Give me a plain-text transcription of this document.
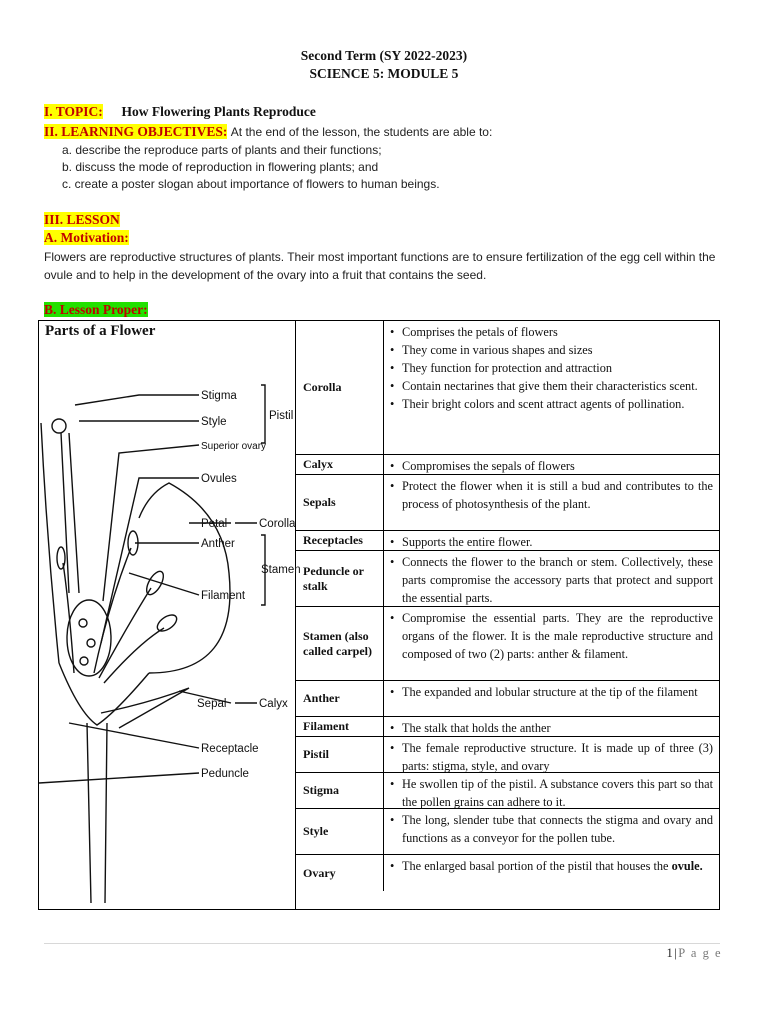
Second Term (SY 2022-2023)
SCIENCE 5: MODULE 5
I. TOPIC: How Flowering Plants Reproduce
II. LEARNING OBJECTIVES: At the end of the lesson, the students are able to:
a. describe the reproduce parts of plants and their functions;
b. discuss the mode of reproduction in flowering plants; and
c. create a poster slogan about importance of flowers to human beings.
III. LESSON
A. Motivation:
Flowers are reproductive structures of plants. Their most important functions are to ensure fertilization of the egg cell within the ovule and to help in the development of the ovary into a fruit that contains the seed.
B. Lesson Proper:
Parts of a Flower
Stigma
Style
Superior ovary
Pistil
Ovules
Petal	Corolla
Anther
Stamen
Filament
Sepal	Calyx
Receptacle
Peduncle
Corolla
• Comprises the petals of flowers
• They come in various shapes and sizes
• They function for protection and attraction
• Contain nectarines that give them their characteristics scent.
• Their bright colors and scent attract agents of pollination.
Calyx	• Compromises the sepals of flowers
Sepals
• Protect the flower when it is still a bud and contributes to the process of photosynthesis of the plant.
Receptacles	• Supports the entire flower.
Peduncle or stalk
• Connects the flower to the branch or stem. Collectively, these parts compromise the accessory parts that protect and support the essential parts.
Stamen (also called carpel)
• Compromise the essential parts. They are the reproductive organs of the flower. It is the male reproductive structure and composed of two (2) parts: anther & filament.
Anther	• The expanded and lobular structure at the tip of the filament
Filament	• The stalk that holds the anther
Pistil	• The female reproductive structure. It is made up of three (3) parts: stigma, style, and ovary
Stigma	• He swollen tip of the pistil. A substance covers this part so that the pollen grains can adhere to it.
Style
• The long, slender tube that connects the stigma and ovary and functions as a conveyor for the pollen tube.
Ovary	• The enlarged basal portion of the pistil that houses the ovule.
1|P a g e
